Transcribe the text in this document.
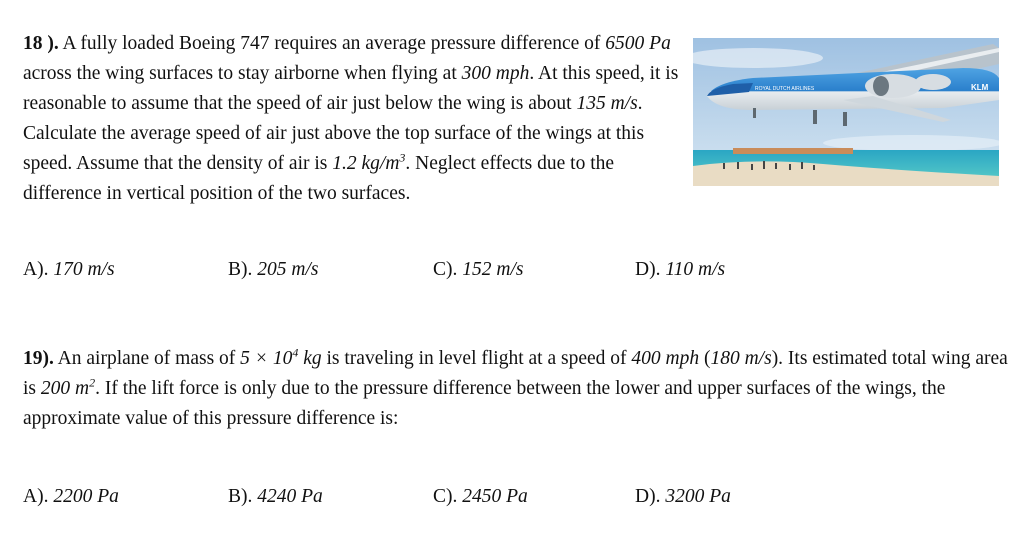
18 ). A fully loaded Boeing 747 requires an average pressure difference of 6500 Pa across the wing surfaces to stay airborne when flying at 300 mph. At this speed, it is reasonable to assume that the speed of air just below the wing is about 135 m/s. Calculate the average speed of air just above the top surface of the wings at this speed. Assume that the density of air is 1.2 $kg/m^3$. Neglect effects due to the difference in vertical position of the two surfaces.
A). 170 m/s	B). 205 m/s	C). 152 m/s	D). 110 m/s
ROYAL DUTCH AIRLINES	KLM
19). An airplane of mass of $5 \times 10^4$ kg is traveling in level flight at a speed of 400 mph (180 m/s). Its estimated total wing area is 200 $m^2$. If the lift force is only due to the pressure difference between the lower and upper surfaces of the wings, the approximate value of this pressure difference is:
A). 2200 Pa	B). 4240 Pa	C). 2450 Pa	D). 3200 Pa
